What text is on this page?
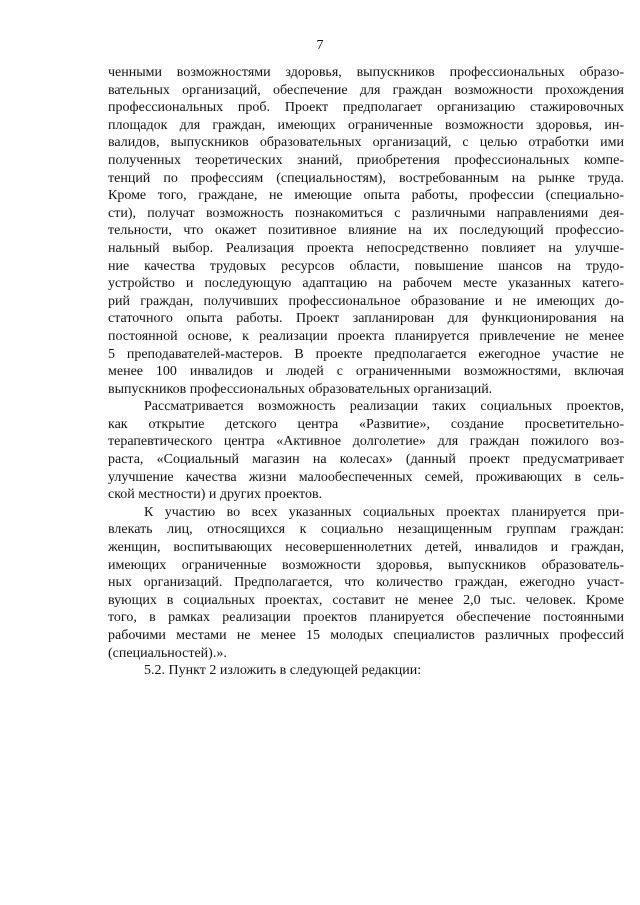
7
ченными возможностями здоровья, выпускников профессиональных образо-
вательных организаций, обеспечение для граждан возможности прохождения
профессиональных проб. Проект предполагает организацию стажировочных
площадок для граждан, имеющих ограниченные возможности здоровья, ин-
валидов, выпускников образовательных организаций, с целью отработки ими
полученных теоретических знаний, приобретения профессиональных компе-
тенций по профессиям (специальностям), востребованным на рынке труда.
Кроме того, граждане, не имеющие опыта работы, профессии (специально-
сти), получат возможность познакомиться с различными направлениями дея-
тельности, что окажет позитивное влияние на их последующий профессио-
нальный выбор. Реализация проекта непосредственно повлияет на улучше-
ние качества трудовых ресурсов области, повышение шансов на трудо-
устройство и последующую адаптацию на рабочем месте указанных катего-
рий граждан, получивших профессиональное образование и не имеющих до-
статочного опыта работы. Проект запланирован для функционирования на
постоянной основе, к реализации проекта планируется привлечение не менее
5 преподавателей-мастеров. В проекте предполагается ежегодное участие не
менее 100 инвалидов и людей с ограниченными возможностями, включая
выпускников профессиональных образовательных организаций.
Рассматривается возможность реализации таких социальных проектов,
как открытие детского центра «Развитие», создание просветительно-
терапевтического центра «Активное долголетие» для граждан пожилого воз-
раста, «Социальный магазин на колесах» (данный проект предусматривает
улучшение качества жизни малообеспеченных семей, проживающих в сель-
ской местности) и других проектов.
К участию во всех указанных социальных проектах планируется при-
влекать лиц, относящихся к социально незащищенным группам граждан:
женщин, воспитывающих несовершеннолетних детей, инвалидов и граждан,
имеющих ограниченные возможности здоровья, выпускников образователь-
ных организаций. Предполагается, что количество граждан, ежегодно участ-
вующих в социальных проектах, составит не менее 2,0 тыс. человек. Кроме
того, в рамках реализации проектов планируется обеспечение постоянными
рабочими местами не менее 15 молодых специалистов различных профессий
(специальностей).».
5.2. Пункт 2 изложить в следующей редакции:
